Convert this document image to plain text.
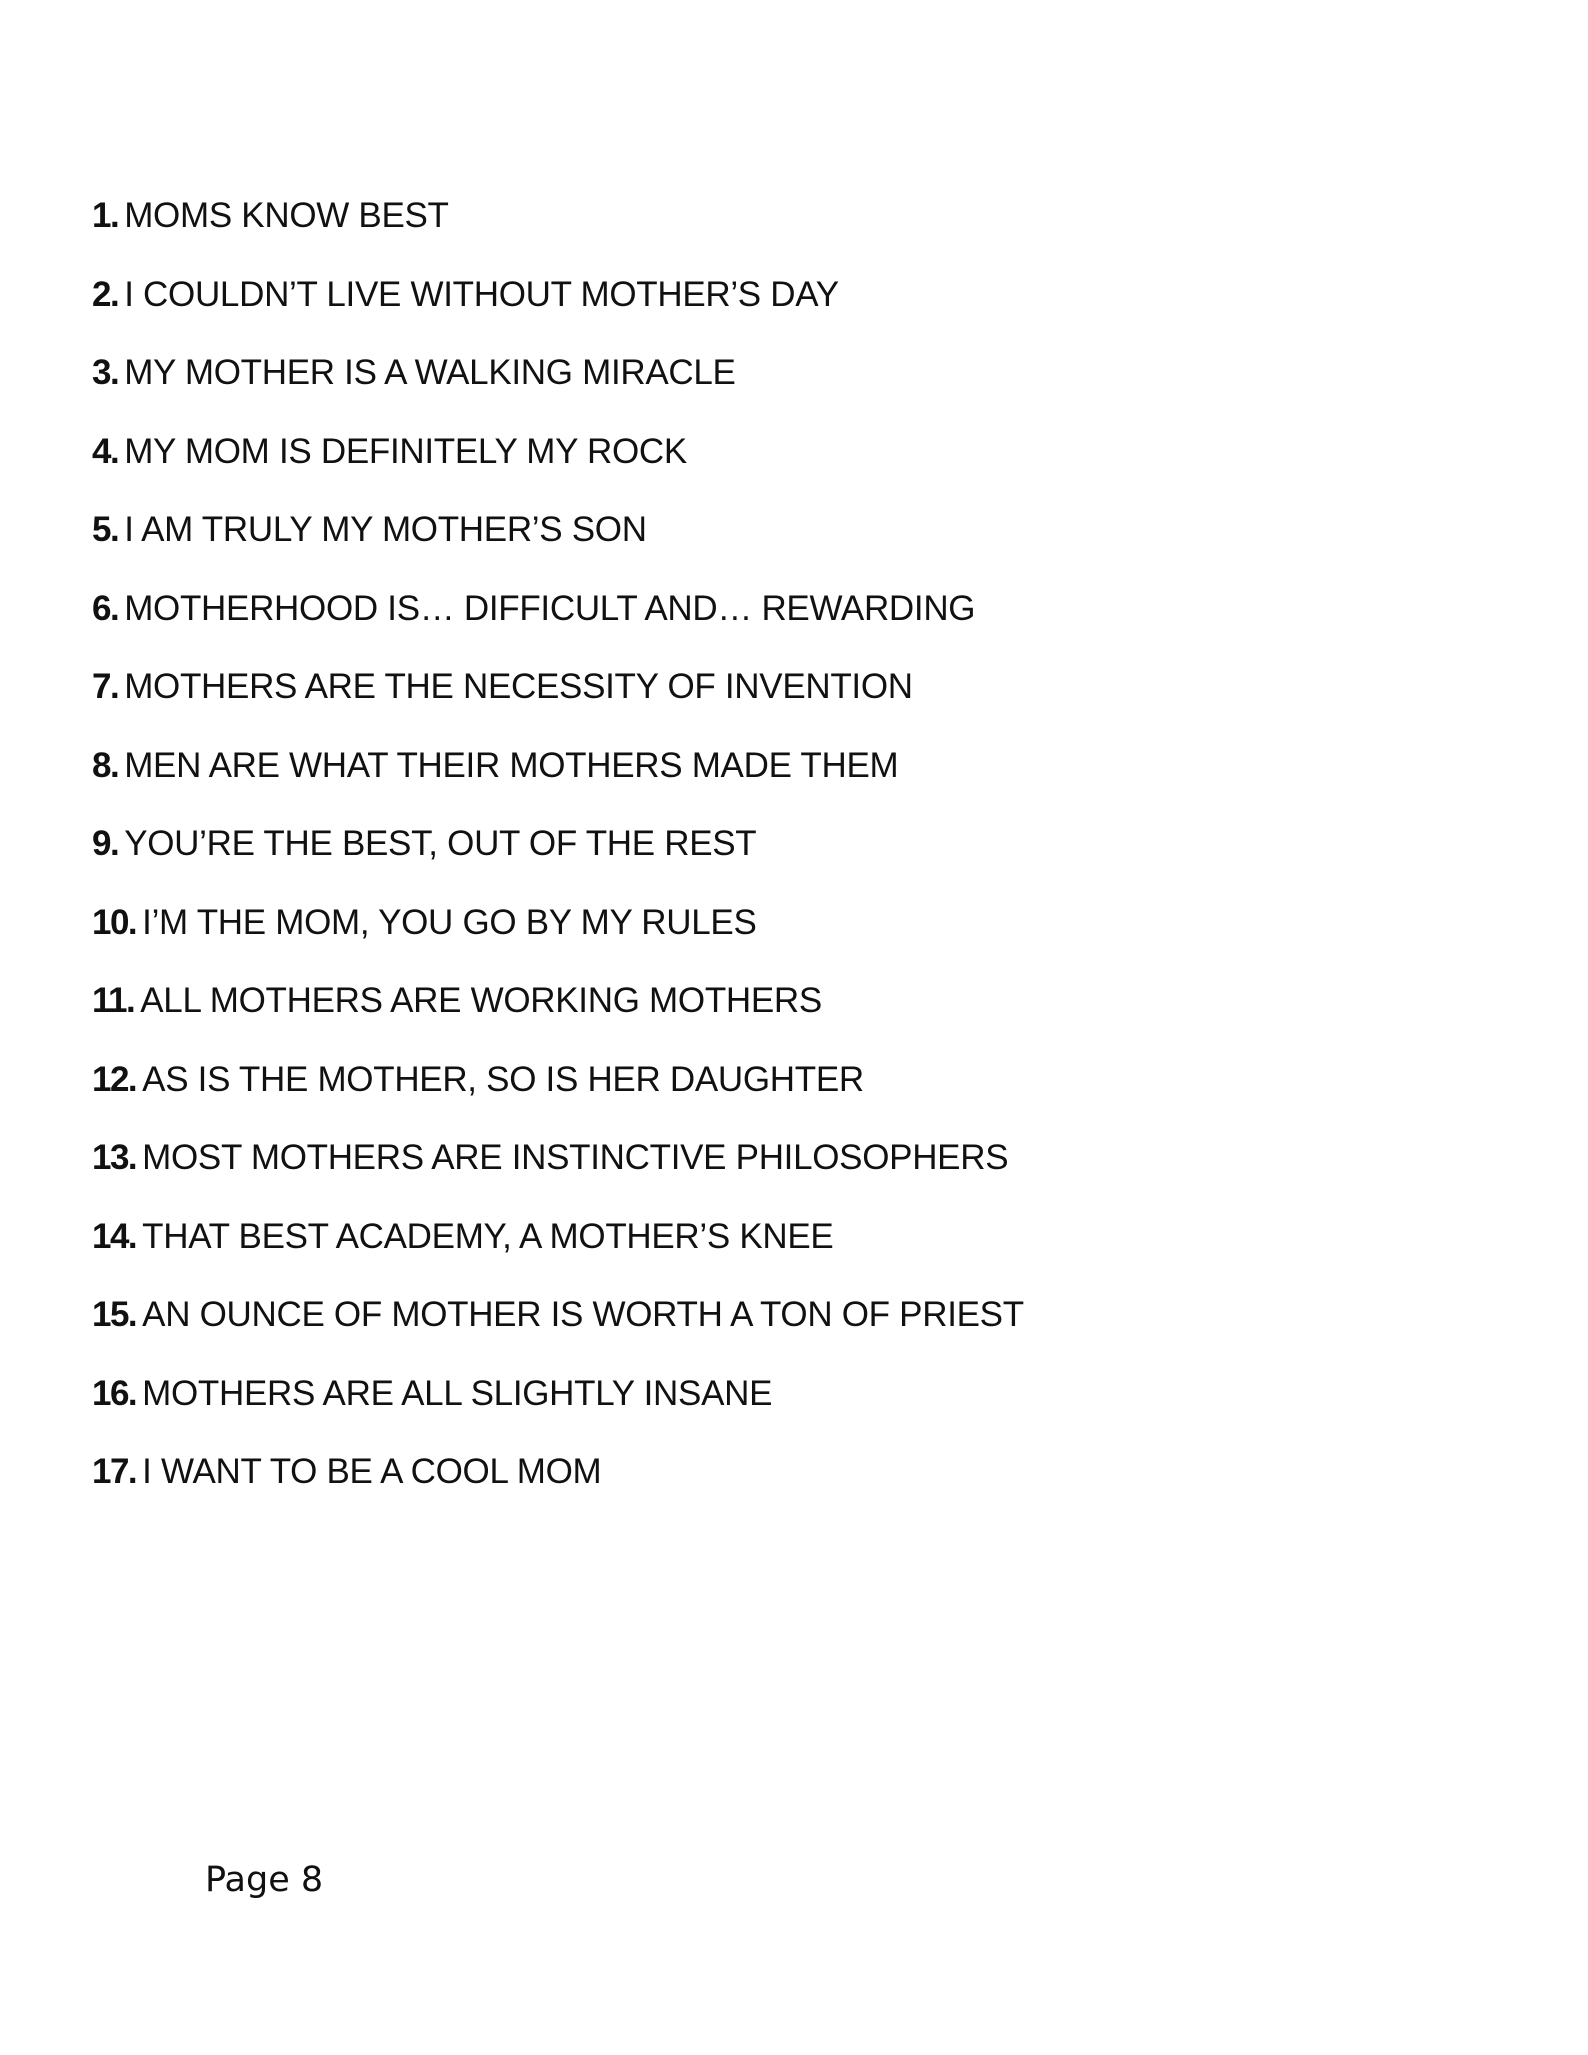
1. MOMS KNOW BEST
2. I COULDN’T LIVE WITHOUT MOTHER’S DAY
3. MY MOTHER IS A WALKING MIRACLE
4. MY MOM IS DEFINITELY MY ROCK
5. I AM TRULY MY MOTHER’S SON
6. MOTHERHOOD IS… DIFFICULT AND… REWARDING
7. MOTHERS ARE THE NECESSITY OF INVENTION
8. MEN ARE WHAT THEIR MOTHERS MADE THEM
9. YOU’RE THE BEST, OUT OF THE REST
10. I’M THE MOM, YOU GO BY MY RULES
11. ALL MOTHERS ARE WORKING MOTHERS
12. AS IS THE MOTHER, SO IS HER DAUGHTER
13. MOST MOTHERS ARE INSTINCTIVE PHILOSOPHERS
14. THAT BEST ACADEMY, A MOTHER’S KNEE
15. AN OUNCE OF MOTHER IS WORTH A TON OF PRIEST
16. MOTHERS ARE ALL SLIGHTLY INSANE
17. I WANT TO BE A COOL MOM
Page 8
